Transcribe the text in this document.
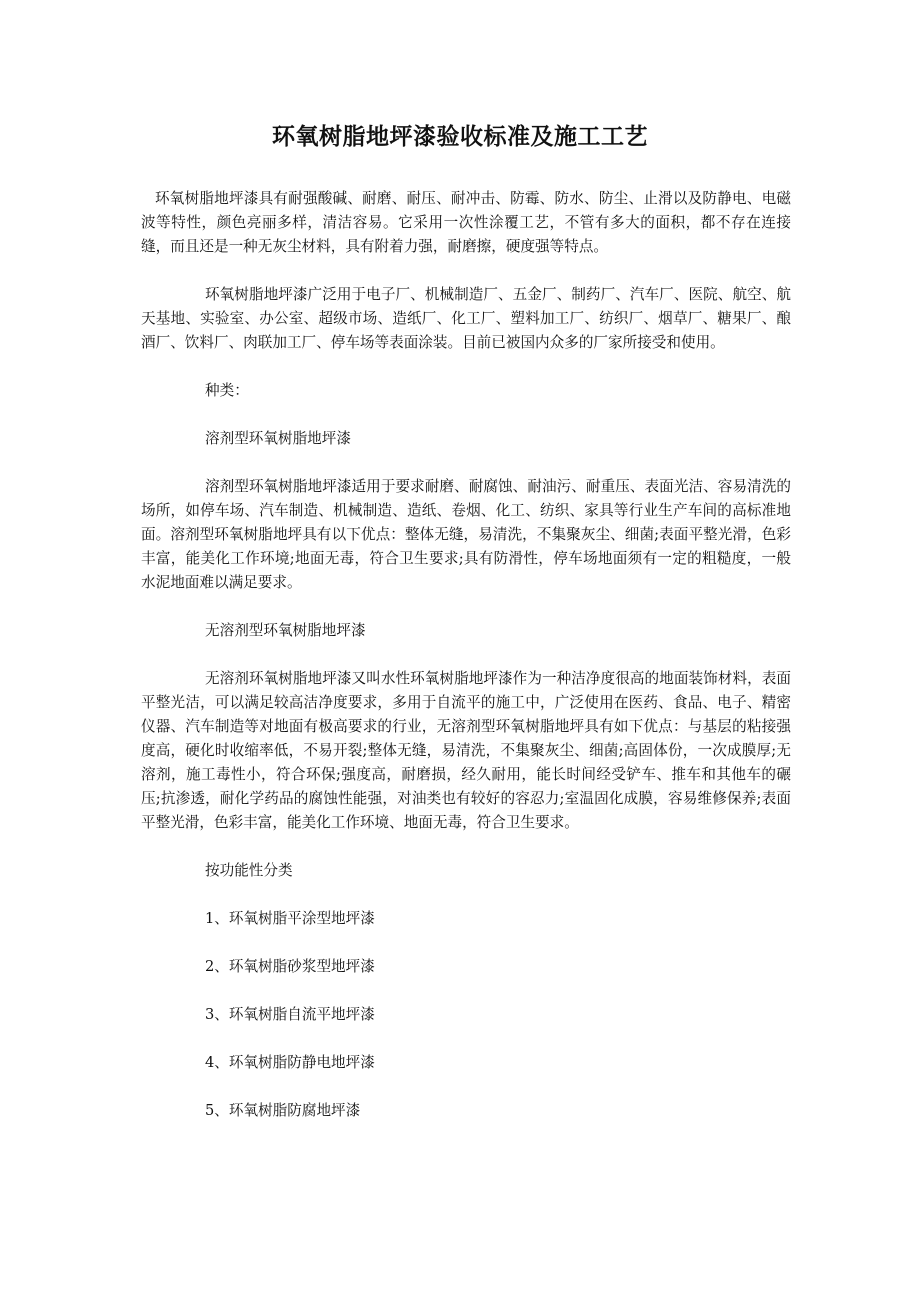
环氧树脂地坪漆验收标准及施工工艺

环氧树脂地坪漆具有耐强酸碱、耐磨、耐压、耐冲击、防霉、防水、防尘、止滑以及防静电、电磁波等特性，颜色亮丽多样，清洁容易。它采用一次性涂覆工艺，不管有多大的面积，都不存在连接缝，而且还是一种无灰尘材料，具有附着力强，耐磨擦，硬度强等特点。

环氧树脂地坪漆广泛用于电子厂、机械制造厂、五金厂、制药厂、汽车厂、医院、航空、航天基地、实验室、办公室、超级市场、造纸厂、化工厂、塑料加工厂、纺织厂、烟草厂、糖果厂、酿酒厂、饮料厂、肉联加工厂、停车场等表面涂装。目前已被国内众多的厂家所接受和使用。

种类：

溶剂型环氧树脂地坪漆

溶剂型环氧树脂地坪漆适用于要求耐磨、耐腐蚀、耐油污、耐重压、表面光洁、容易清洗的场所，如停车场、汽车制造、机械制造、造纸、卷烟、化工、纺织、家具等行业生产车间的高标准地面。溶剂型环氧树脂地坪具有以下优点：整体无缝，易清洗，不集聚灰尘、细菌;表面平整光滑，色彩丰富，能美化工作环境;地面无毒，符合卫生要求;具有防滑性，停车场地面须有一定的粗糙度，一般水泥地面难以满足要求。

无溶剂型环氧树脂地坪漆

无溶剂环氧树脂地坪漆又叫水性环氧树脂地坪漆作为一种洁净度很高的地面装饰材料，表面平整光洁，可以满足较高洁净度要求，多用于自流平的施工中，广泛使用在医药、食品、电子、精密仪器、汽车制造等对地面有极高要求的行业，无溶剂型环氧树脂地坪具有如下优点：与基层的粘接强度高，硬化时收缩率低，不易开裂;整体无缝，易清洗，不集聚灰尘、细菌;高固体份，一次成膜厚;无溶剂，施工毒性小，符合环保;强度高，耐磨损，经久耐用，能长时间经受铲车、推车和其他车的碾压;抗渗透，耐化学药品的腐蚀性能强，对油类也有较好的容忍力;室温固化成膜，容易维修保养;表面平整光滑，色彩丰富，能美化工作环境、地面无毒，符合卫生要求。

按功能性分类

1、环氧树脂平涂型地坪漆
2、环氧树脂砂浆型地坪漆
3、环氧树脂自流平地坪漆
4、环氧树脂防静电地坪漆
5、环氧树脂防腐地坪漆
